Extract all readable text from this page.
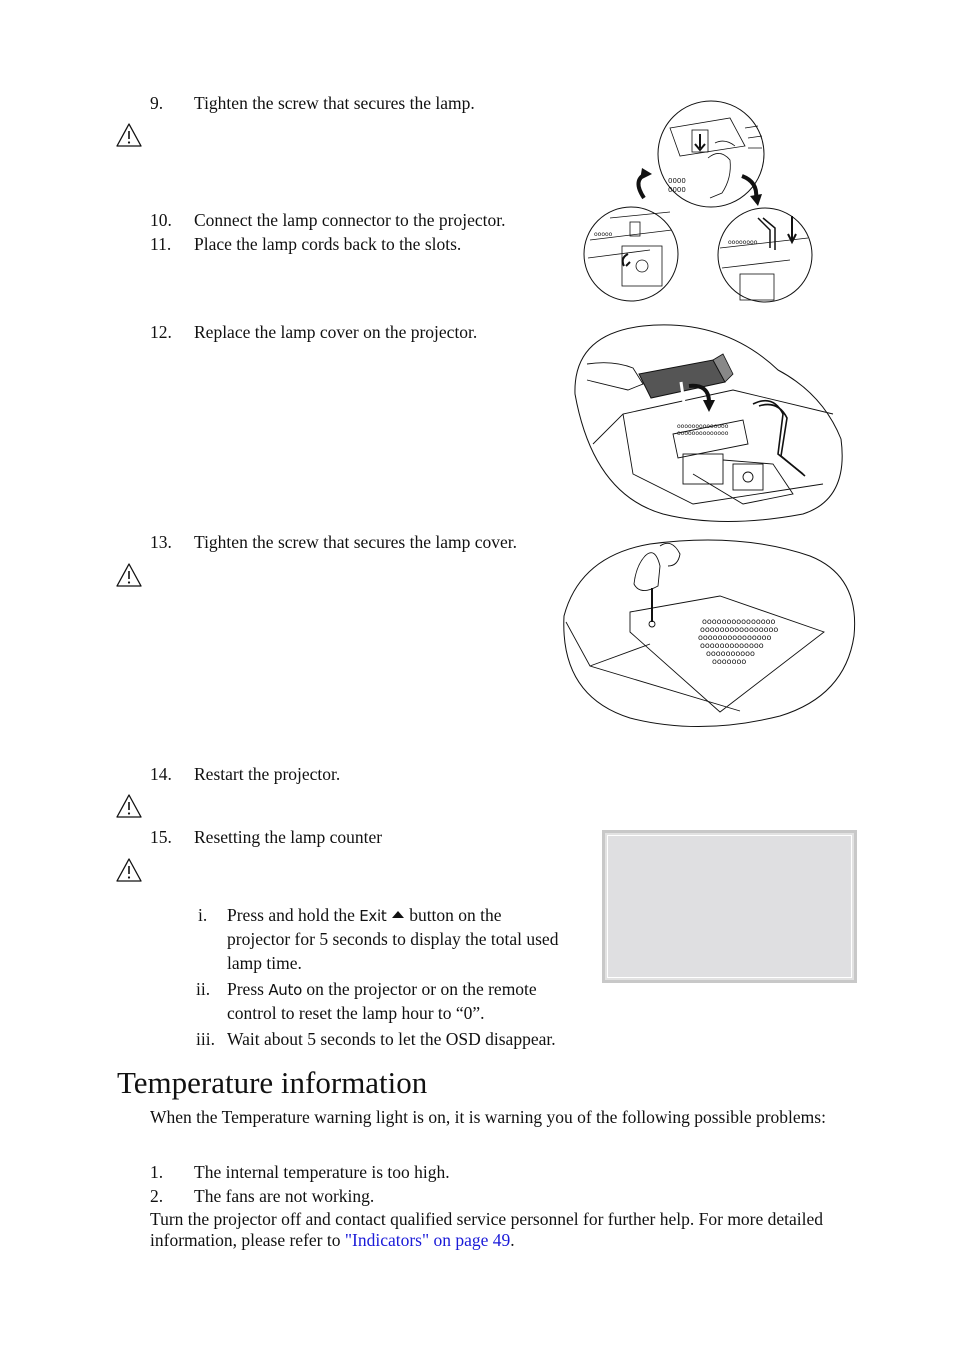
9.	Tighten the screw that secures the lamp.
0000
0000
oooooooo
ooooo
10.	Connect the lamp connector to the projector.
11.	Place the lamp cords back to the slots.
12.	Replace the lamp cover on the projector.
oooooooooooooo
oooooooooooooo
13.	Tighten the screw that secures the lamp cover.
ooooooooooooooo
oooooooooooooooo
ooooooooooooooo
ooooooooooooo
oooooooooo
ooooooo
14.	Restart the projector.
15.	Resetting the lamp counter
i.	Press and hold the Exit  button on the
projector for 5 seconds to display the total used
lamp time.
ii. Press Auto on the projector or on the remote
control to reset the lamp hour to “0”.
iii. Wait about 5 seconds to let the OSD disappear.
Temperature information
When the Temperature warning light is on, it is warning you of the following possible problems:
1.	The internal temperature is too high.
2.	The fans are not working.
Turn the projector off and contact qualified service personnel for further help. For more detailed information, please refer to "Indicators" on page 49.
